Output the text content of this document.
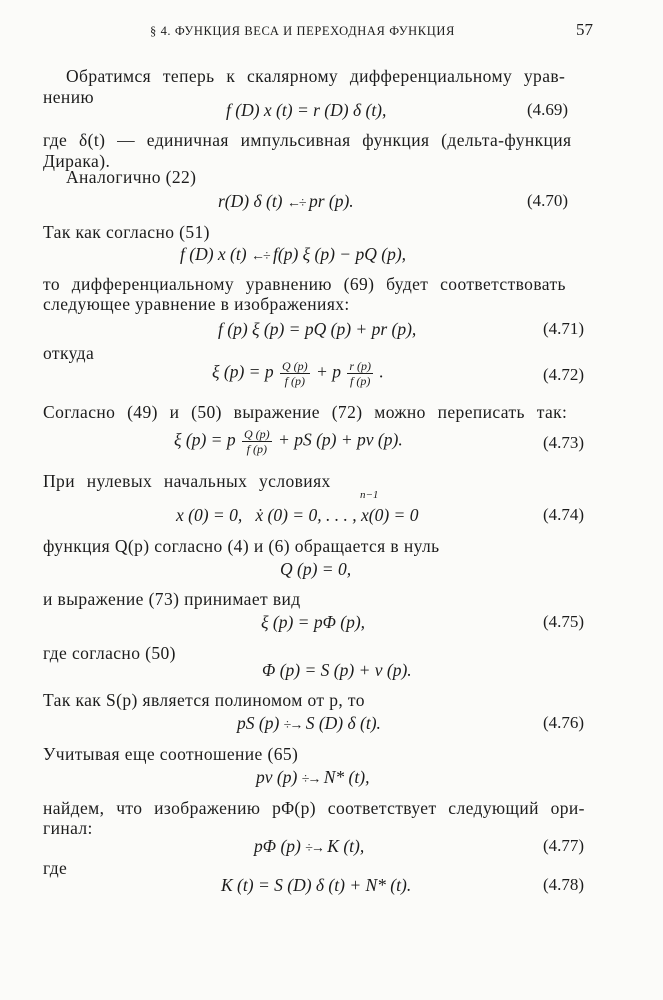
§ 4. ФУНКЦИЯ ВЕСА И ПЕРЕХОДНАЯ ФУНКЦИЯ	57
Обратимся теперь к скалярному дифференциальному урав-
нению
f (D) x (t) = r (D) δ (t),	(4.69)
где δ(t) — единичная импульсивная функция (дельта-функция
Дирака).
Аналогично (22)
r(D) δ (t) ←÷ pr (p).	(4.70)
Так как согласно (51)
f (D) x (t) ←÷ f(p) ξ (p) − pQ (p),
то дифференциальному уравнению (69) будет соответствовать
следующее уравнение в изображениях:
f (p) ξ (p) = pQ (p) + pr (p),	(4.71)
откуда
ξ (p) = p $\frac{Q (p)}{f (p)} + p \frac{r (p)}{f (p)}$ .	(4.72)
Согласно (49) и (50) выражение (72) можно переписать так:
ξ (p) = p $\frac{Q (p)}{f (p)}$ + pS (p) + pν (p).	(4.73)
При нулевых начальных условиях
x (0) = 0, ẋ (0) = 0, . . . ,
n−1
x(0) = 0	(4.74)
функция Q(p) согласно (4) и (6) обращается в нуль
Q (p) = 0,
и выражение (73) принимает вид
ξ (p) = pΦ (p),	(4.75)
где согласно (50)
Φ (p) = S (p) + ν (p).
Так как S(p) является полиномом от p, то
pS (p) ÷→ S (D) δ (t).	(4.76)
Учитывая еще соотношение (65)
pν (p) ÷→ N* (t),
найдем, что изображению pΦ(p) соответствует следующий ори-
гинал:
pΦ (p) ÷→ K (t),	(4.77)
где
K (t) = S (D) δ (t) + N* (t).	(4.78)
